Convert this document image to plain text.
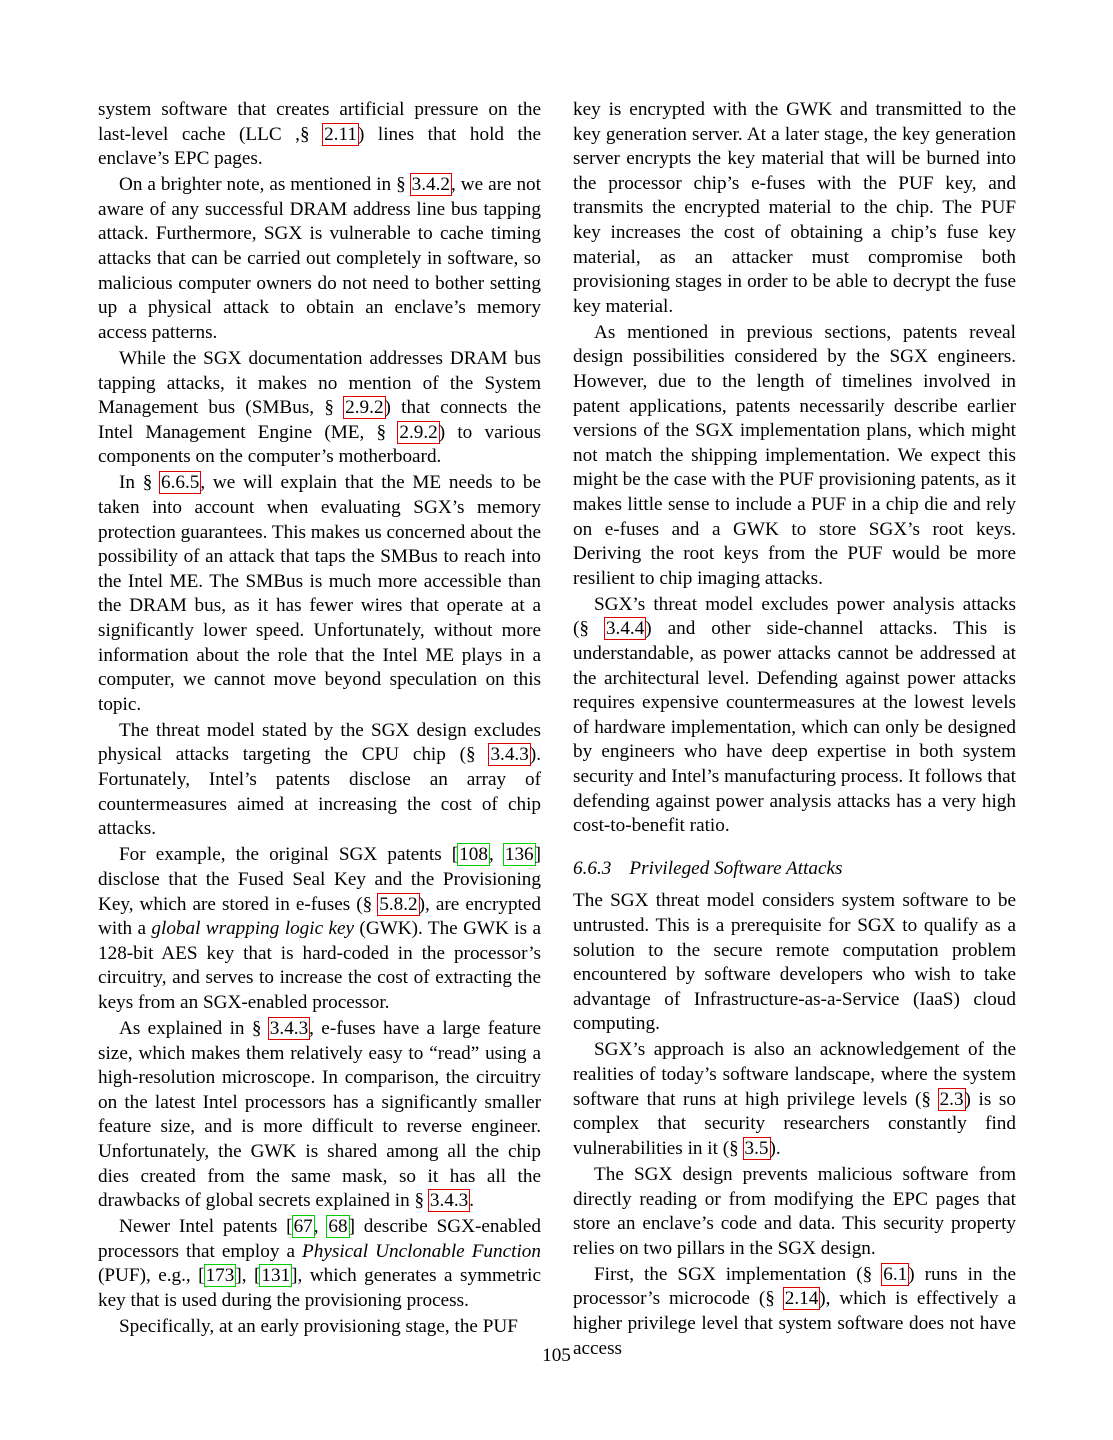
system software that creates artificial pressure on the last-level cache (LLC ,§ 2.11) lines that hold the enclave’s EPC pages.

On a brighter note, as mentioned in § 3.4.2, we are not aware of any successful DRAM address line bus tapping attack. Furthermore, SGX is vulnerable to cache timing attacks that can be carried out completely in software, so malicious computer owners do not need to bother setting up a physical attack to obtain an enclave’s memory access patterns.

While the SGX documentation addresses DRAM bus tapping attacks, it makes no mention of the System Management bus (SMBus, § 2.9.2) that connects the Intel Management Engine (ME, § 2.9.2) to various components on the computer’s motherboard.

In § 6.6.5, we will explain that the ME needs to be taken into account when evaluating SGX’s memory protection guarantees. This makes us concerned about the possibility of an attack that taps the SMBus to reach into the Intel ME. The SMBus is much more accessible than the DRAM bus, as it has fewer wires that operate at a significantly lower speed. Unfortunately, without more information about the role that the Intel ME plays in a computer, we cannot move beyond speculation on this topic.

The threat model stated by the SGX design excludes physical attacks targeting the CPU chip (§ 3.4.3). Fortunately, Intel’s patents disclose an array of countermeasures aimed at increasing the cost of chip attacks.

For example, the original SGX patents [108, 136] disclose that the Fused Seal Key and the Provisioning Key, which are stored in e-fuses (§ 5.8.2), are encrypted with a global wrapping logic key (GWK). The GWK is a 128-bit AES key that is hard-coded in the processor’s circuitry, and serves to increase the cost of extracting the keys from an SGX-enabled processor.

As explained in § 3.4.3, e-fuses have a large feature size, which makes them relatively easy to “read” using a high-resolution microscope. In comparison, the circuitry on the latest Intel processors has a significantly smaller feature size, and is more difficult to reverse engineer. Unfortunately, the GWK is shared among all the chip dies created from the same mask, so it has all the drawbacks of global secrets explained in § 3.4.3.

Newer Intel patents [67, 68] describe SGX-enabled processors that employ a Physical Unclonable Function (PUF), e.g., [173], [131], which generates a symmetric key that is used during the provisioning process.

Specifically, at an early provisioning stage, the PUF

key is encrypted with the GWK and transmitted to the key generation server. At a later stage, the key generation server encrypts the key material that will be burned into the processor chip’s e-fuses with the PUF key, and transmits the encrypted material to the chip. The PUF key increases the cost of obtaining a chip’s fuse key material, as an attacker must compromise both provisioning stages in order to be able to decrypt the fuse key material.

As mentioned in previous sections, patents reveal design possibilities considered by the SGX engineers. However, due to the length of timelines involved in patent applications, patents necessarily describe earlier versions of the SGX implementation plans, which might not match the shipping implementation. We expect this might be the case with the PUF provisioning patents, as it makes little sense to include a PUF in a chip die and rely on e-fuses and a GWK to store SGX’s root keys. Deriving the root keys from the PUF would be more resilient to chip imaging attacks.

SGX’s threat model excludes power analysis attacks (§ 3.4.4) and other side-channel attacks. This is understandable, as power attacks cannot be addressed at the architectural level. Defending against power attacks requires expensive countermeasures at the lowest levels of hardware implementation, which can only be designed by engineers who have deep expertise in both system security and Intel’s manufacturing process. It follows that defending against power analysis attacks has a very high cost-to-benefit ratio.

6.6.3 Privileged Software Attacks

The SGX threat model considers system software to be untrusted. This is a prerequisite for SGX to qualify as a solution to the secure remote computation problem encountered by software developers who wish to take advantage of Infrastructure-as-a-Service (IaaS) cloud computing.

SGX’s approach is also an acknowledgement of the realities of today’s software landscape, where the system software that runs at high privilege levels (§ 2.3) is so complex that security researchers constantly find vulnerabilities in it (§ 3.5).

The SGX design prevents malicious software from directly reading or from modifying the EPC pages that store an enclave’s code and data. This security property relies on two pillars in the SGX design.

First, the SGX implementation (§ 6.1) runs in the processor’s microcode (§ 2.14), which is effectively a higher privilege level that system software does not have access

105
